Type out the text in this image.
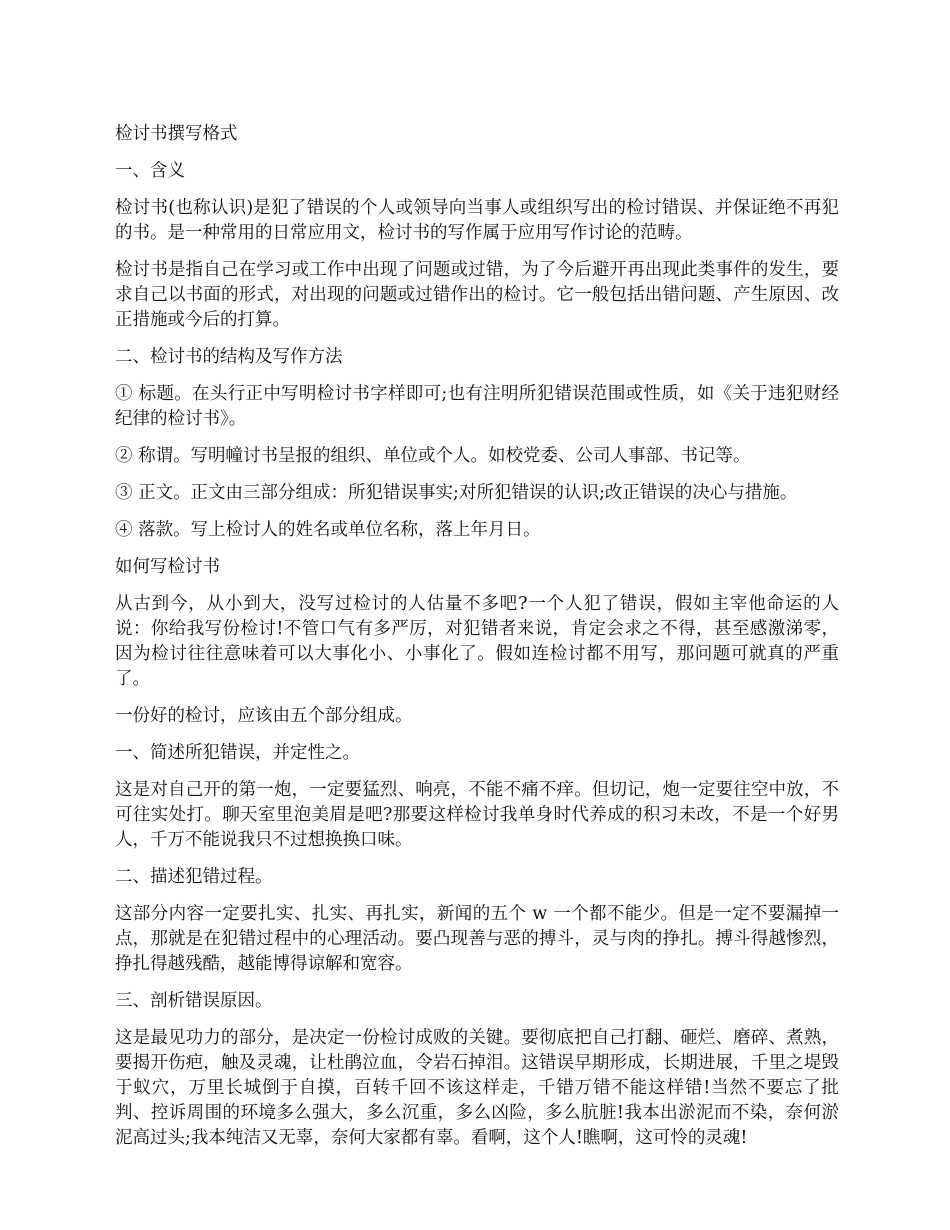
检讨书撰写格式

一、含义

检讨书(也称认识)是犯了错误的个人或领导向当事人或组织写出的检讨错误、并保证绝不再犯的书。是一种常用的日常应用文，检讨书的写作属于应用写作讨论的范畴。

检讨书是指自己在学习或工作中出现了问题或过错，为了今后避开再出现此类事件的发生，要求自己以书面的形式，对出现的问题或过错作出的检讨。它一般包括出错问题、产生原因、改正措施或今后的打算。

二、检讨书的结构及写作方法

① 标题。在头行正中写明检讨书字样即可;也有注明所犯错误范围或性质，如《关于违犯财经纪律的检讨书》。

② 称谓。写明幢讨书呈报的组织、单位或个人。如校党委、公司人事部、书记等。

③ 正文。正文由三部分组成：所犯错误事实;对所犯错误的认识;改正错误的决心与措施。

④ 落款。写上检讨人的姓名或单位名称，落上年月日。

如何写检讨书

从古到今，从小到大，没写过检讨的人估量不多吧?一个人犯了错误，假如主宰他命运的人说：你给我写份检讨!不管口气有多严厉，对犯错者来说，肯定会求之不得，甚至感激涕零，因为检讨往往意味着可以大事化小、小事化了。假如连检讨都不用写，那问题可就真的严重了。

一份好的检讨，应该由五个部分组成。

一、简述所犯错误，并定性之。

这是对自己开的第一炮，一定要猛烈、响亮，不能不痛不痒。但切记，炮一定要往空中放，不可往实处打。聊天室里泡美眉是吧?那要这样检讨我单身时代养成的积习未改，不是一个好男人，千万不能说我只不过想换换口味。

二、描述犯错过程。

这部分内容一定要扎实、扎实、再扎实，新闻的五个 w 一个都不能少。但是一定不要漏掉一点，那就是在犯错过程中的心理活动。要凸现善与恶的搏斗，灵与肉的挣扎。搏斗得越惨烈，挣扎得越残酷，越能博得谅解和宽容。

三、剖析错误原因。

这是最见功力的部分，是决定一份检讨成败的关键。要彻底把自己打翻、砸烂、磨碎、煮熟，要揭开伤疤，触及灵魂，让杜鹃泣血，令岩石掉泪。这错误早期形成，长期进展，千里之堤毁于蚁穴，万里长城倒于自摸，百转千回不该这样走，千错万错不能这样错!当然不要忘了批判、控诉周围的环境多么强大，多么沉重，多么凶险，多么肮脏!我本出淤泥而不染，奈何淤泥高过头;我本纯洁又无辜，奈何大家都有辜。看啊，这个人!瞧啊，这可怜的灵魂!
